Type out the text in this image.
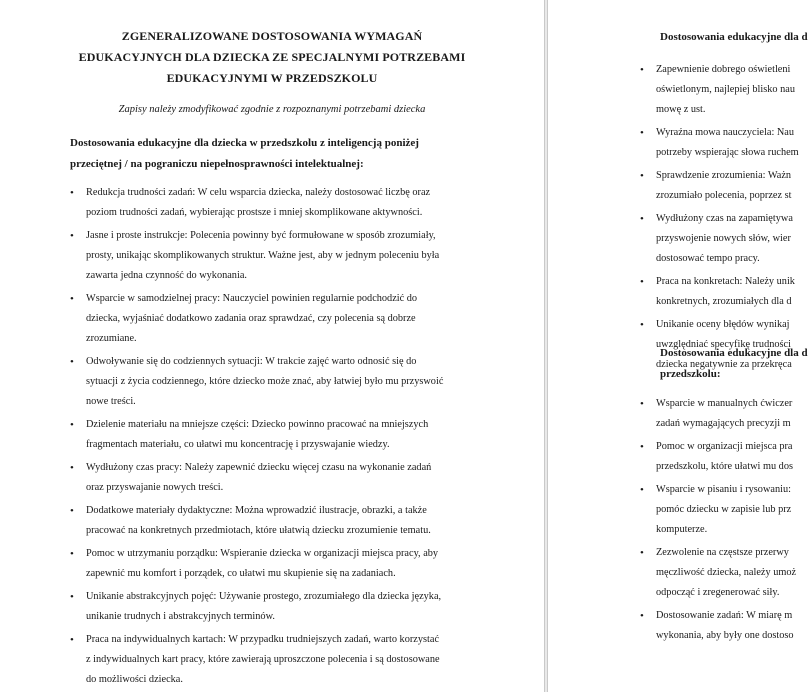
ZGENERALIZOWANE DOSTOSOWANIA WYMAGAŃ
EDUKACYJNYCH DLA DZIECKA ZE SPECJALNYMI POTRZEBAMI
EDUKACYJNYMI W PRZEDSZKOLU
Zapisy należy zmodyfikować zgodnie z rozpoznanymi potrzebami dziecka
Dostosowania edukacyjne dla dziecka w przedszkolu z inteligencją poniżej
przeciętnej / na pograniczu niepełnosprawności intelektualnej:
• Redukcja trudności zadań: W celu wsparcia dziecka, należy dostosować liczbę oraz
poziom trudności zadań, wybierając prostsze i mniej skomplikowane aktywności.
• Jasne i proste instrukcje: Polecenia powinny być formułowane w sposób zrozumiały,
prosty, unikając skomplikowanych struktur. Ważne jest, aby w jednym poleceniu była
zawarta jedna czynność do wykonania.
• Wsparcie w samodzielnej pracy: Nauczyciel powinien regularnie podchodzić do
dziecka, wyjaśniać dodatkowo zadania oraz sprawdzać, czy polecenia są dobrze
zrozumiane.
• Odwoływanie się do codziennych sytuacji: W trakcie zajęć warto odnosić się do
sytuacji z życia codziennego, które dziecko może znać, aby łatwiej było mu przyswoić
nowe treści.
• Dzielenie materiału na mniejsze części: Dziecko powinno pracować na mniejszych
fragmentach materiału, co ułatwi mu koncentrację i przyswajanie wiedzy.
• Wydłużony czas pracy: Należy zapewnić dziecku więcej czasu na wykonanie zadań
oraz przyswajanie nowych treści.
• Dodatkowe materiały dydaktyczne: Można wprowadzić ilustracje, obrazki, a także
pracować na konkretnych przedmiotach, które ułatwią dziecku zrozumienie tematu.
• Pomoc w utrzymaniu porządku: Wspieranie dziecka w organizacji miejsca pracy, aby
zapewnić mu komfort i porządek, co ułatwi mu skupienie się na zadaniach.
• Unikanie abstrakcyjnych pojęć: Używanie prostego, zrozumiałego dla dziecka języka,
unikanie trudnych i abstrakcyjnych terminów.
• Praca na indywidualnych kartach: W przypadku trudniejszych zadań, warto korzystać
z indywidualnych kart pracy, które zawierają uproszczone polecenia i są dostosowane
do możliwości dziecka.
Dostosowania edukacyjne dla d
• Zapewnienie dobrego oświetleni
oświetlonym, najlepiej blisko nau
mowę z ust.
• Wyraźna mowa nauczyciela: Nau
potrzeby wspierając słowa ruchem
• Sprawdzenie zrozumienia: Ważn
zrozumiało polecenia, poprzez st
• Wydłużony czas na zapamiętywa
przyswojenie nowych słów, wier
dostosować tempo pracy.
• Praca na konkretach: Należy unik
konkretnych, zrozumiałych dla d
• Unikanie oceny błędów wynikaj
uwzględniać specyfikę trudności
dziecka negatywnie za przekręca
Dostosowania edukacyjne dla d
przedszkolu:
• Wsparcie w manualnych ćwiczer
zadań wymagających precyzji m
• Pomoc w organizacji miejsca pra
przedszkolu, które ułatwi mu dos
• Wsparcie w pisaniu i rysowaniu:
pomóc dziecku w zapisie lub prz
komputerze.
• Zezwolenie na częstsze przerwy
męczliwość dziecka, należy umoż
odpocząć i zregenerować siły.
• Dostosowanie zadań: W miarę m
wykonania, aby były one dostoso
